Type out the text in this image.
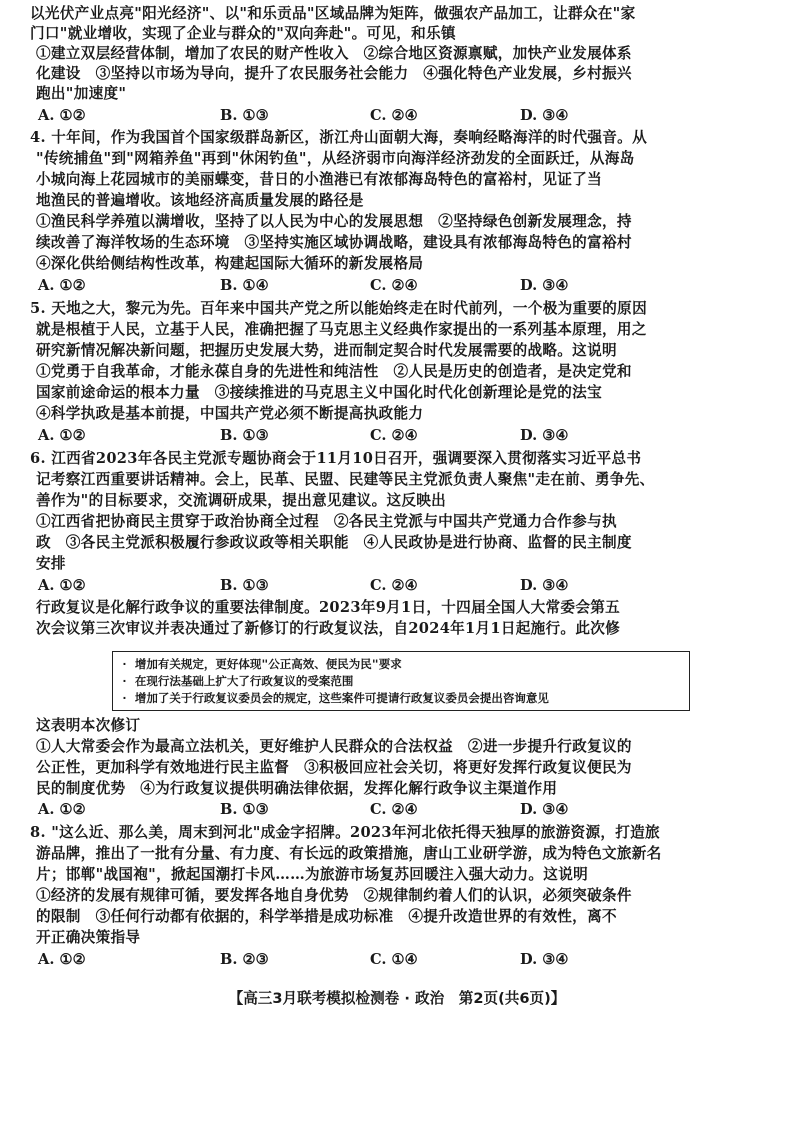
以光伏产业点亮"阳光经济"、以"和乐贡品"区域品牌为矩阵，做强农产品加工，让群众在"家
门口"就业增收，实现了企业与群众的"双向奔赴"。可见，和乐镇
①建立双层经营体制，增加了农民的财产性收入　②综合地区资源禀赋，加快产业发展体系
化建设　③坚持以市场为导向，提升了农民服务社会能力　④强化特色产业发展，乡村振兴
跑出"加速度"
A. ①②	B. ①③	C. ②④	D. ③④
4. 十年间，作为我国首个国家级群岛新区，浙江舟山面朝大海，奏响经略海洋的时代强音。从
"传统捕鱼"到"网箱养鱼"再到"休闲钓鱼"，从经济弱市向海洋经济劲发的全面跃迁，从海岛
小城向海上花园城市的美丽蝶变，昔日的小渔港已有浓郁海岛特色的富裕村，见证了当
地渔民的普遍增收。该地经济高质量发展的路径是
①渔民科学养殖以满增收，坚持了以人民为中心的发展思想　②坚持绿色创新发展理念，持
续改善了海洋牧场的生态环境　③坚持实施区域协调战略，建设具有浓郁海岛特色的富裕村
④深化供给侧结构性改革，构建起国际大循环的新发展格局
A. ①②	B. ①④	C. ②④	D. ③④
5. 天地之大，黎元为先。百年来中国共产党之所以能始终走在时代前列，一个极为重要的原因
就是根植于人民，立基于人民，准确把握了马克思主义经典作家提出的一系列基本原理，用之
研究新情况解决新问题，把握历史发展大势，进而制定契合时代发展需要的战略。这说明
①党勇于自我革命，才能永葆自身的先进性和纯洁性　②人民是历史的创造者，是决定党和
国家前途命运的根本力量　③接续推进的马克思主义中国化时代化创新理论是党的法宝
④科学执政是基本前提，中国共产党必须不断提高执政能力
A. ①②	B. ①③	C. ②④	D. ③④
6. 江西省2023年各民主党派专题协商会于11月10日召开，强调要深入贯彻落实习近平总书
记考察江西重要讲话精神。会上，民革、民盟、民建等民主党派负责人聚焦"走在前、勇争先、
善作为"的目标要求，交流调研成果，提出意见建议。这反映出
①江西省把协商民主贯穿于政治协商全过程　②各民主党派与中国共产党通力合作参与执
政　③各民主党派积极履行参政议政等相关职能　④人民政协是进行协商、监督的民主制度
安排
A. ①②	B. ①③	C. ②④	D. ③④
行政复议是化解行政争议的重要法律制度。2023年9月1日，十四届全国人大常委会第五
次会议第三次审议并表决通过了新修订的行政复议法，自2024年1月1日起施行。此次修
· 增加有关规定，更好体现"公正高效、便民为民"要求
· 在现行法基础上扩大了行政复议的受案范围
· 增加了关于行政复议委员会的规定，这些案件可提请行政复议委员会提出咨询意见
这表明本次修订
①人大常委会作为最高立法机关，更好维护人民群众的合法权益　②进一步提升行政复议的
公正性，更加科学有效地进行民主监督　③积极回应社会关切，将更好发挥行政复议便民为
民的制度优势　④为行政复议提供明确法律依据，发挥化解行政争议主渠道作用
A. ①②	B. ①③	C. ②④	D. ③④
8. "这么近、那么美，周末到河北"成金字招牌。2023年河北依托得天独厚的旅游资源，打造旅
游品牌，推出了一批有分量、有力度、有长远的政策措施，唐山工业研学游，成为特色文旅新名
片；邯郸"战国袍"，掀起国潮打卡风……为旅游市场复苏回暖注入强大动力。这说明
①经济的发展有规律可循，要发挥各地自身优势　②规律制约着人们的认识，必须突破条件
的限制　③任何行动都有依据的，科学举措是成功标准　④提升改造世界的有效性，离不
开正确决策指导
A. ①②	B. ②③	C. ①④	D. ③④
【高三3月联考模拟检测卷 · 政治　第2页(共6页)】
